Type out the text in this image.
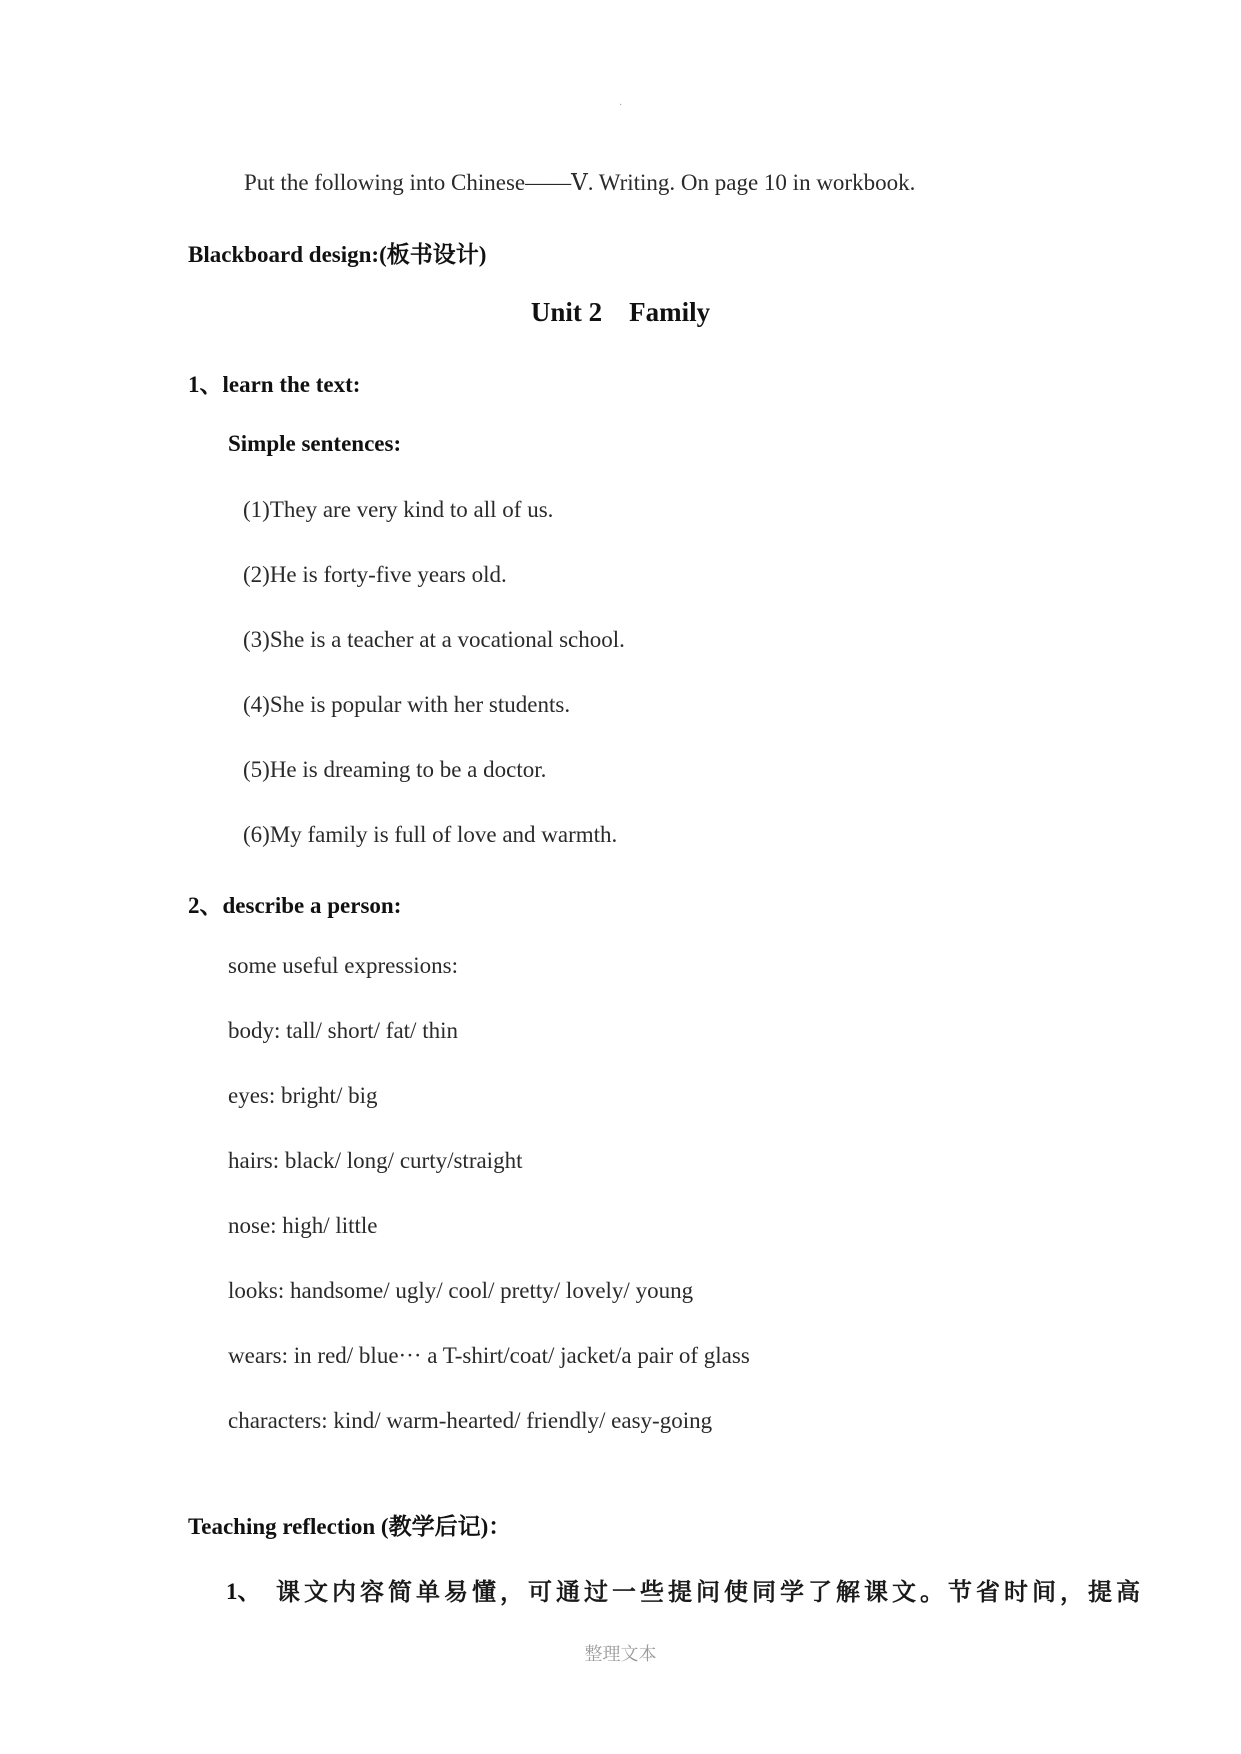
·
Put the following into Chinese——Ⅴ. Writing. On page 10 in workbook.
Blackboard design:(板书设计)
Unit 2    Family
1、learn the text:
Simple sentences:
(1)They are very kind to all of us.
(2)He is forty-five years old.
(3)She is a teacher at a vocational school.
(4)She is popular with her students.
(5)He is dreaming to be a doctor.
(6)My family is full of love and warmth.
2、describe a person:
some useful expressions:
body: tall/ short/ fat/ thin
eyes: bright/ big
hairs: black/ long/ curty/straight
nose: high/ little
looks: handsome/ ugly/ cool/ pretty/ lovely/ young
wears: in red/ blue··· a T-shirt/coat/ jacket/a pair of glass
characters: kind/ warm-hearted/ friendly/ easy-going
Teaching reflection (教学后记)：
1、 课文内容简单易懂，可通过一些提问使同学了解课文。节省时间，提高
整理文本
